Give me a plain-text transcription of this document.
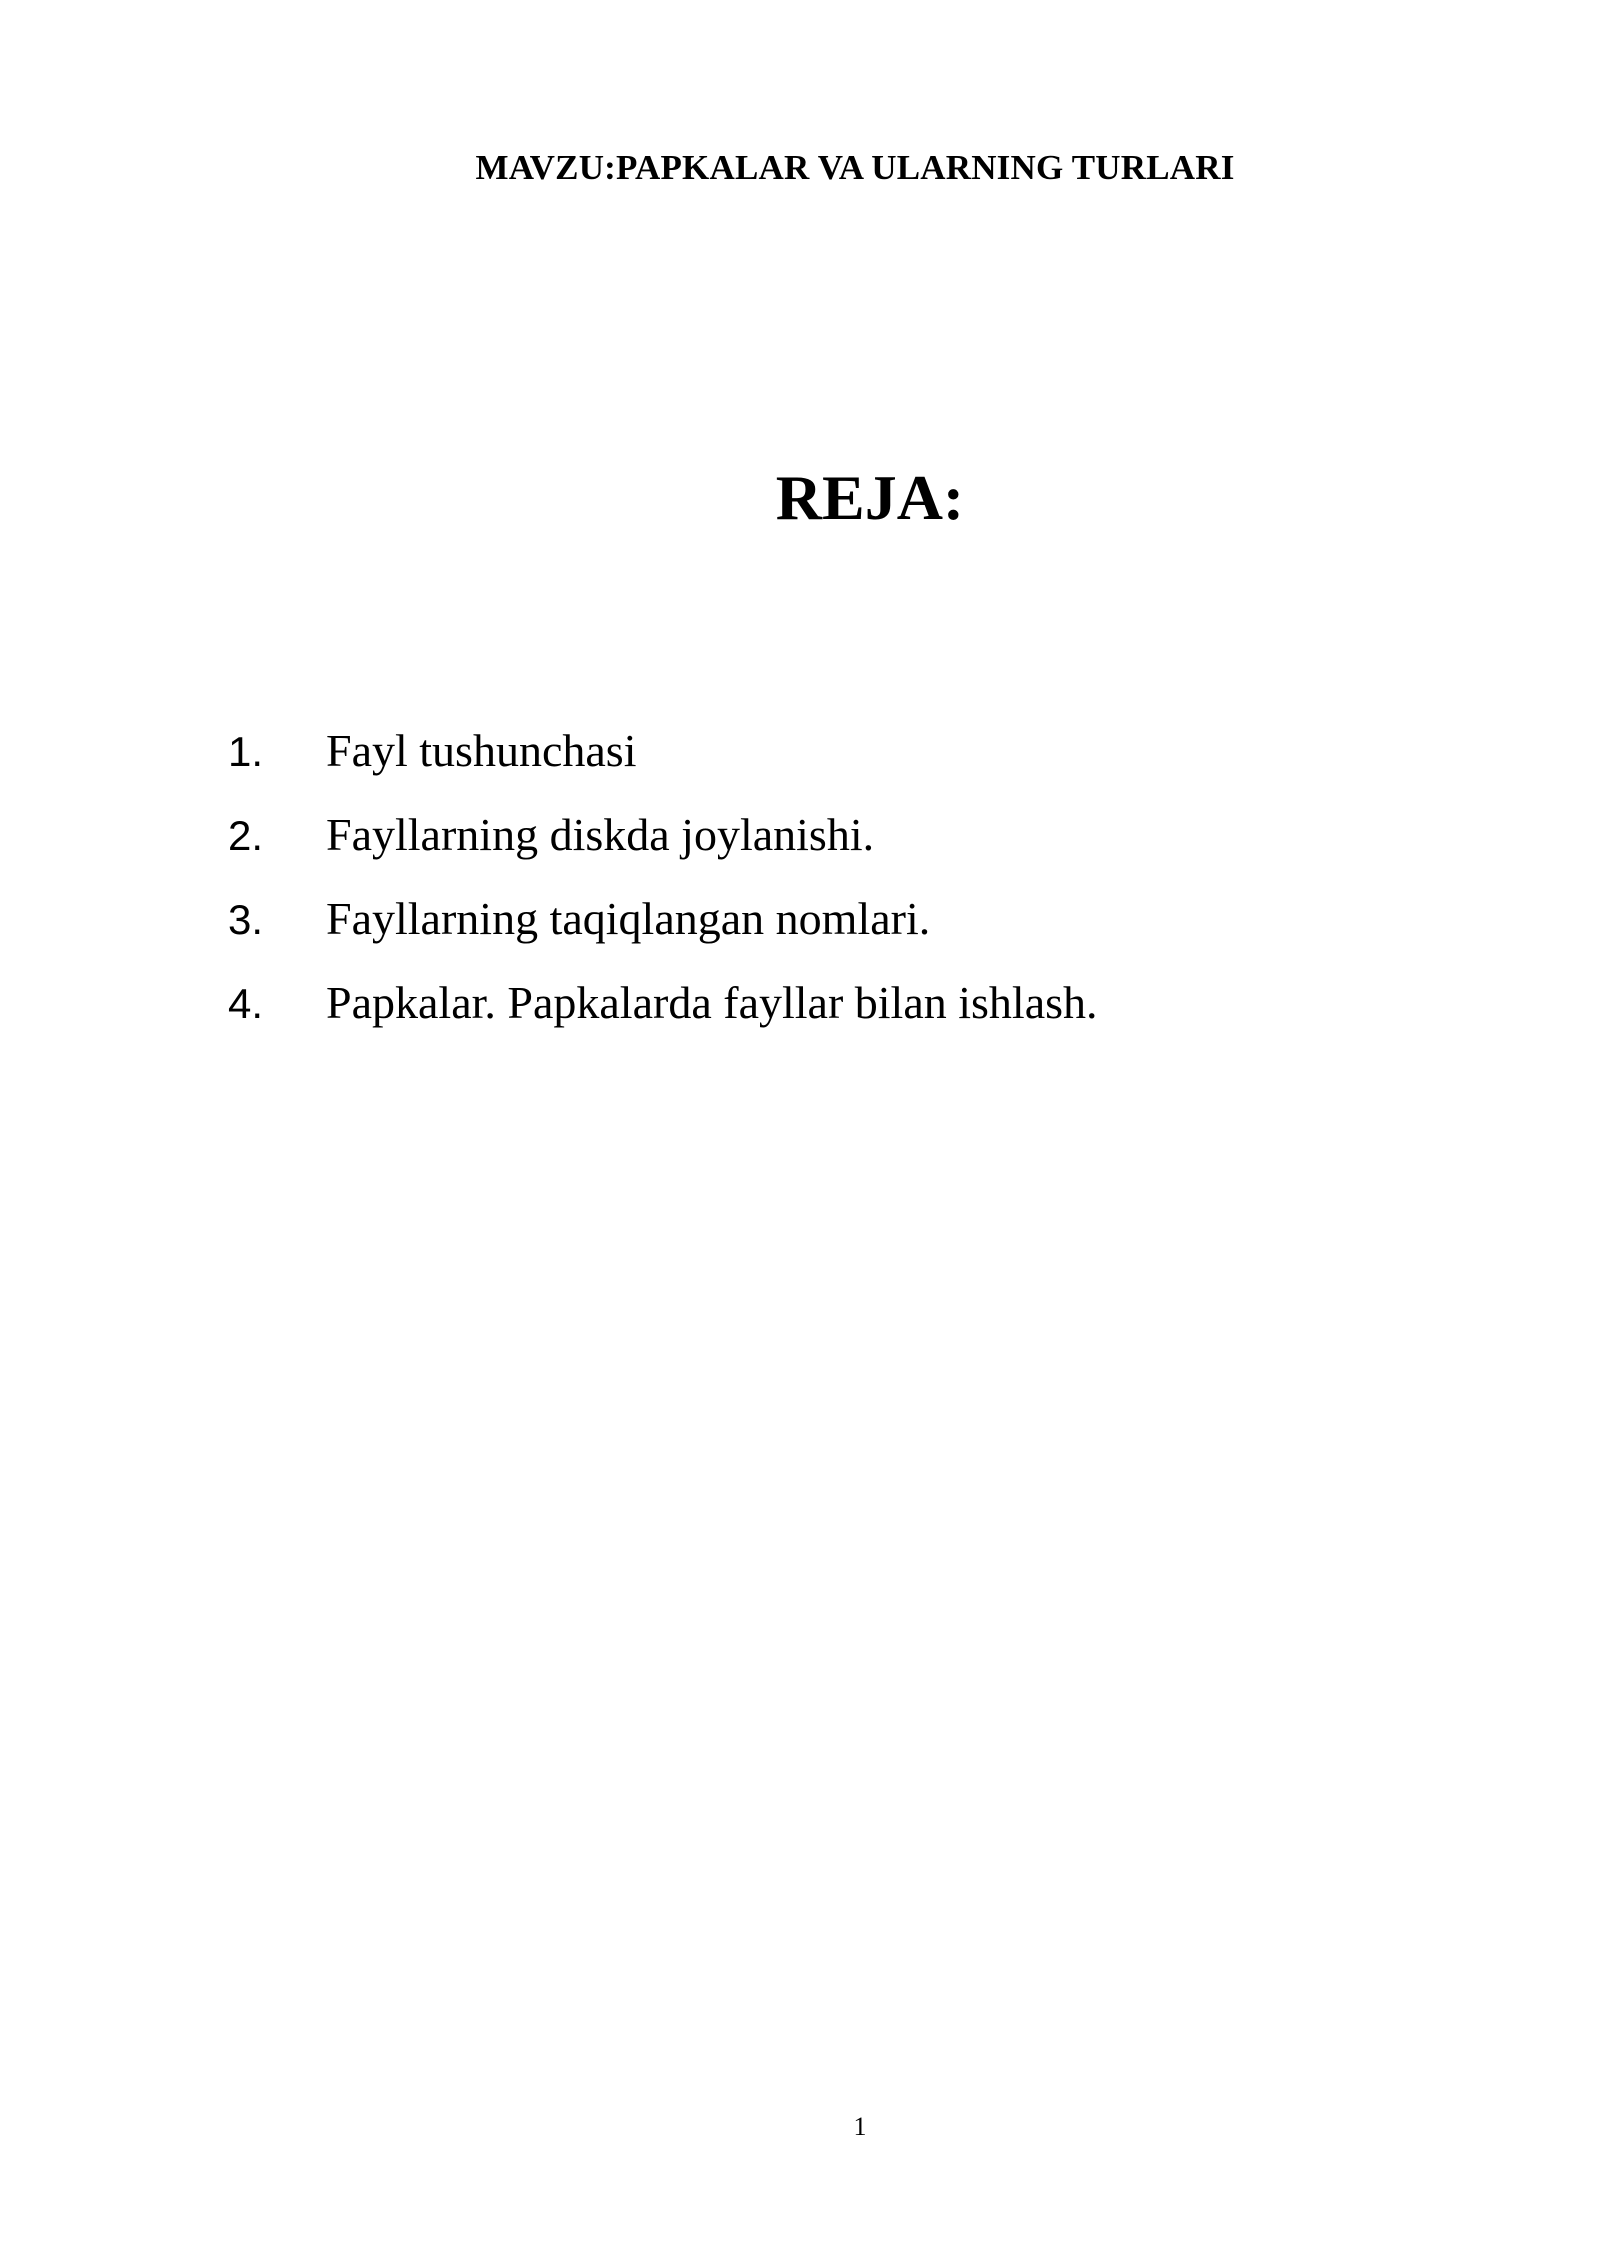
MAVZU:PAPKALAR VA ULARNING TURLARI
REJA:
1.	Fayl tushunchasi
2.	Fayllarning diskda joylanishi.
3.	Fayllarning taqiqlangan nomlari.
4.	Papkalar. Papkalarda fayllar bilan ishlash.
1
